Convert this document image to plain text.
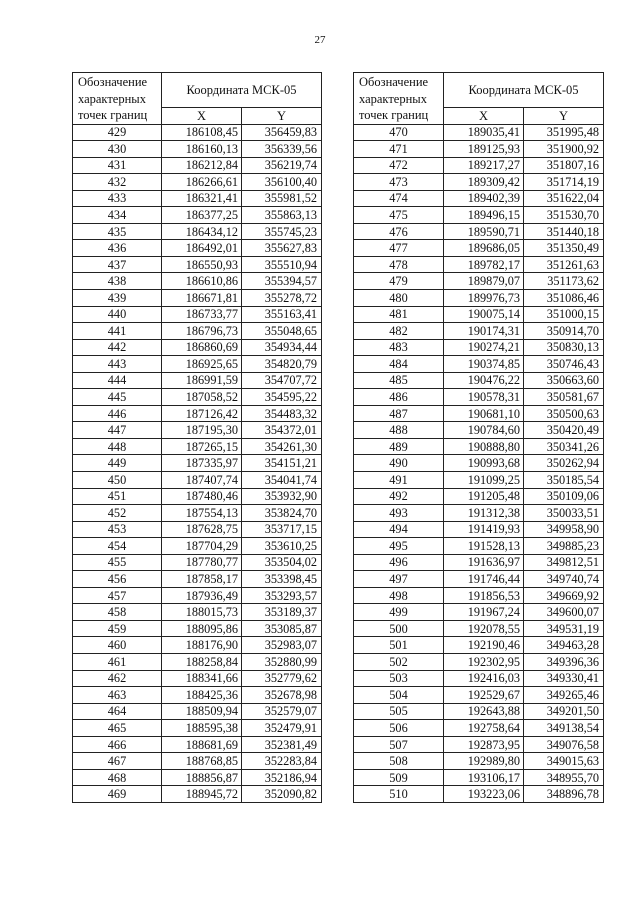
27
Обозначение характерных точек границ	Координата МСК-05	
	X	Y
429	186108,45	356459,83
430	186160,13	356339,56
431	186212,84	356219,74
432	186266,61	356100,40
433	186321,41	355981,52
434	186377,25	355863,13
435	186434,12	355745,23
436	186492,01	355627,83
437	186550,93	355510,94
438	186610,86	355394,57
439	186671,81	355278,72
440	186733,77	355163,41
441	186796,73	355048,65
442	186860,69	354934,44
443	186925,65	354820,79
444	186991,59	354707,72
445	187058,52	354595,22
446	187126,42	354483,32
447	187195,30	354372,01
448	187265,15	354261,30
449	187335,97	354151,21
450	187407,74	354041,74
451	187480,46	353932,90
452	187554,13	353824,70
453	187628,75	353717,15
454	187704,29	353610,25
455	187780,77	353504,02
456	187858,17	353398,45
457	187936,49	353293,57
458	188015,73	353189,37
459	188095,86	353085,87
460	188176,90	352983,07
461	188258,84	352880,99
462	188341,66	352779,62
463	188425,36	352678,98
464	188509,94	352579,07
465	188595,38	352479,91
466	188681,69	352381,49
467	188768,85	352283,84
468	188856,87	352186,94
469	188945,72	352090,82
Обозначение характерных точек границ	Координата МСК-05	
	X	Y
470	189035,41	351995,48
471	189125,93	351900,92
472	189217,27	351807,16
473	189309,42	351714,19
474	189402,39	351622,04
475	189496,15	351530,70
476	189590,71	351440,18
477	189686,05	351350,49
478	189782,17	351261,63
479	189879,07	351173,62
480	189976,73	351086,46
481	190075,14	351000,15
482	190174,31	350914,70
483	190274,21	350830,13
484	190374,85	350746,43
485	190476,22	350663,60
486	190578,31	350581,67
487	190681,10	350500,63
488	190784,60	350420,49
489	190888,80	350341,26
490	190993,68	350262,94
491	191099,25	350185,54
492	191205,48	350109,06
493	191312,38	350033,51
494	191419,93	349958,90
495	191528,13	349885,23
496	191636,97	349812,51
497	191746,44	349740,74
498	191856,53	349669,92
499	191967,24	349600,07
500	192078,55	349531,19
501	192190,46	349463,28
502	192302,95	349396,36
503	192416,03	349330,41
504	192529,67	349265,46
505	192643,88	349201,50
506	192758,64	349138,54
507	192873,95	349076,58
508	192989,80	349015,63
509	193106,17	348955,70
510	193223,06	348896,78
